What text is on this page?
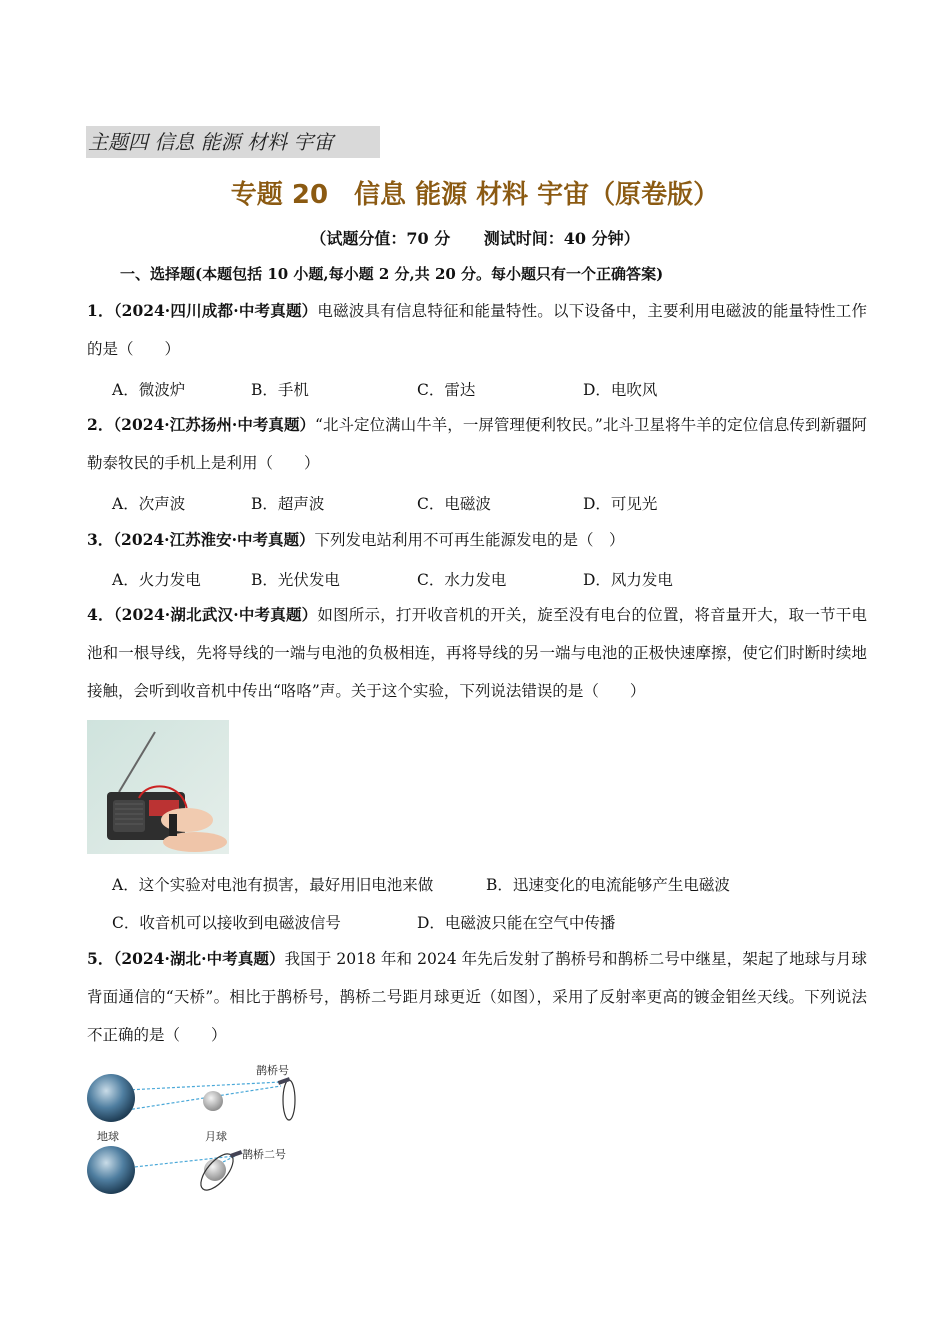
主题四 信息 能源 材料 宇宙
专题 20　信息 能源 材料 宇宙（原卷版）
（试题分值：70 分 测试时间：40 分钟）
一、选择题(本题包括 10 小题,每小题 2 分,共 20 分。每小题只有一个正确答案)
1．（2024·四川成都·中考真题）电磁波具有信息特征和能量特性。以下设备中，主要利用电磁波的能量特性工作的是（　　）
A．微波炉	B．手机	C．雷达	D．电吹风
2．（2024·江苏扬州·中考真题）“北斗定位满山牛羊，一屏管理便利牧民。”北斗卫星将牛羊的定位信息传到新疆阿勒泰牧民的手机上是利用（　　）
A．次声波	B．超声波	C．电磁波	D．可见光
3．（2024·江苏淮安·中考真题）下列发电站利用不可再生能源发电的是（　）
A．火力发电	B．光伏发电	C．水力发电	D．风力发电
4．（2024·湖北武汉·中考真题）如图所示，打开收音机的开关，旋至没有电台的位置，将音量开大，取一节干电池和一根导线，先将导线的一端与电池的负极相连，再将导线的另一端与电池的正极快速摩擦，使它们时断时续地接触，会听到收音机中传出“咯咯”声。关于这个实验，下列说法错误的是（　　）
A．这个实验对电池有损害，最好用旧电池来做	B．迅速变化的电流能够产生电磁波
C．收音机可以接收到电磁波信号	D．电磁波只能在空气中传播
5．（2024·湖北·中考真题）我国于 2018 年和 2024 年先后发射了鹊桥号和鹊桥二号中继星，架起了地球与月球背面通信的“天桥”。相比于鹊桥号，鹊桥二号距月球更近（如图），采用了反射率更高的镀金钼丝天线。下列说法不正确的是（　　）
地球	月球
鹊桥号
鹊桥二号
